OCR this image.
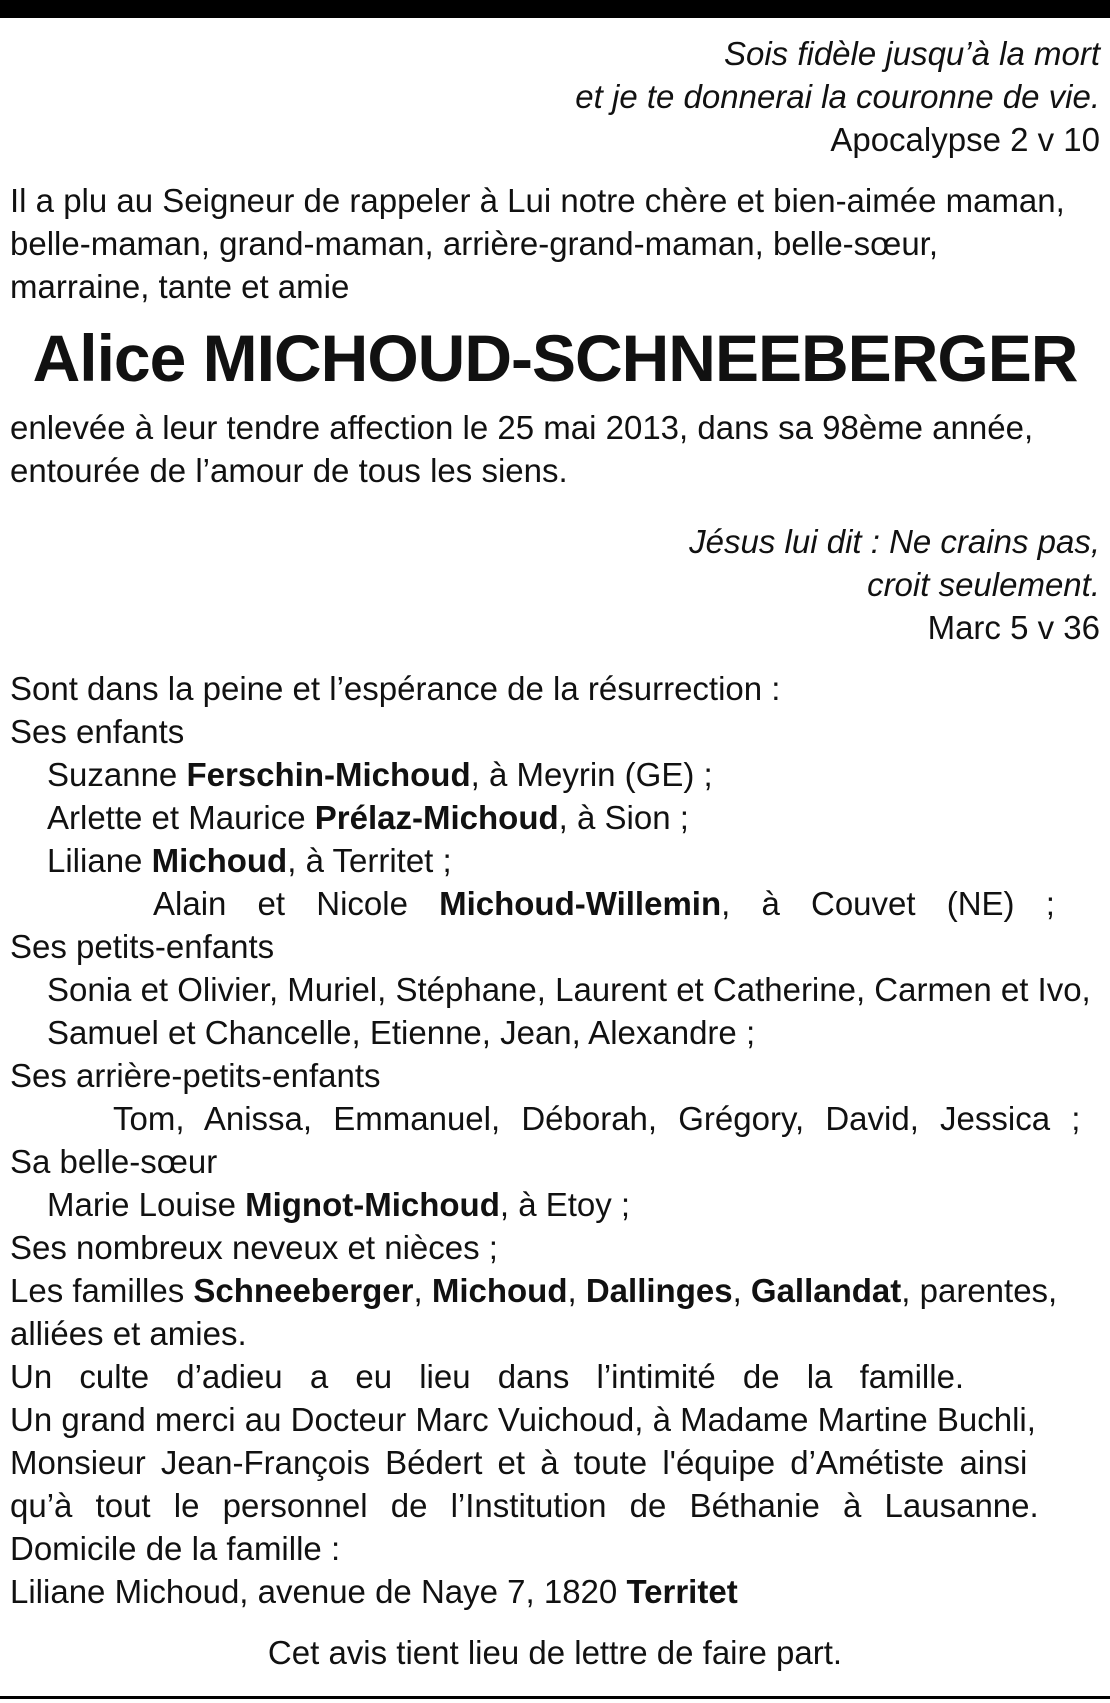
Sois fidèle jusqu’à la mort
et je te donnerai la couronne de vie.
Apocalypse 2 v 10
Il a plu au Seigneur de rappeler à Lui notre chère et bien-aimée maman,
belle-maman, grand-maman, arrière-grand-maman, belle-sœur,
marraine, tante et amie
Alice MICHOUD-SCHNEEBERGER
enlevée à leur tendre affection le 25 mai 2013, dans sa 98ème année,
entourée de l’amour de tous les siens.
Jésus lui dit : Ne crains pas,
croit seulement.
Marc 5 v 36
Sont dans la peine et l’espérance de la résurrection :
Ses enfants
Suzanne Ferschin-Michoud, à Meyrin (GE) ;
Arlette et Maurice Prélaz-Michoud, à Sion ;
Liliane Michoud, à Territet ;
Alain et Nicole Michoud-Willemin, à Couvet (NE) ;
Ses petits-enfants
Sonia et Olivier, Muriel, Stéphane, Laurent et Catherine, Carmen et Ivo,
Samuel et Chancelle, Etienne, Jean, Alexandre ;
Ses arrière-petits-enfants
Tom, Anissa, Emmanuel, Déborah, Grégory, David, Jessica ;
Sa belle-sœur
Marie Louise Mignot-Michoud, à Etoy ;
Ses nombreux neveux et nièces ;
Les familles Schneeberger, Michoud, Dallinges, Gallandat, parentes,
alliées et amies.
Un culte d’adieu a eu lieu dans l’intimité de la famille.
Un grand merci au Docteur Marc Vuichoud, à Madame Martine Buchli,
Monsieur Jean-François Bédert et à toute l'équipe d’Amétiste ainsi
qu’à tout le personnel de l’Institution de Béthanie à Lausanne.
Domicile de la famille :
Liliane Michoud, avenue de Naye 7, 1820 Territet
Cet avis tient lieu de lettre de faire part.
